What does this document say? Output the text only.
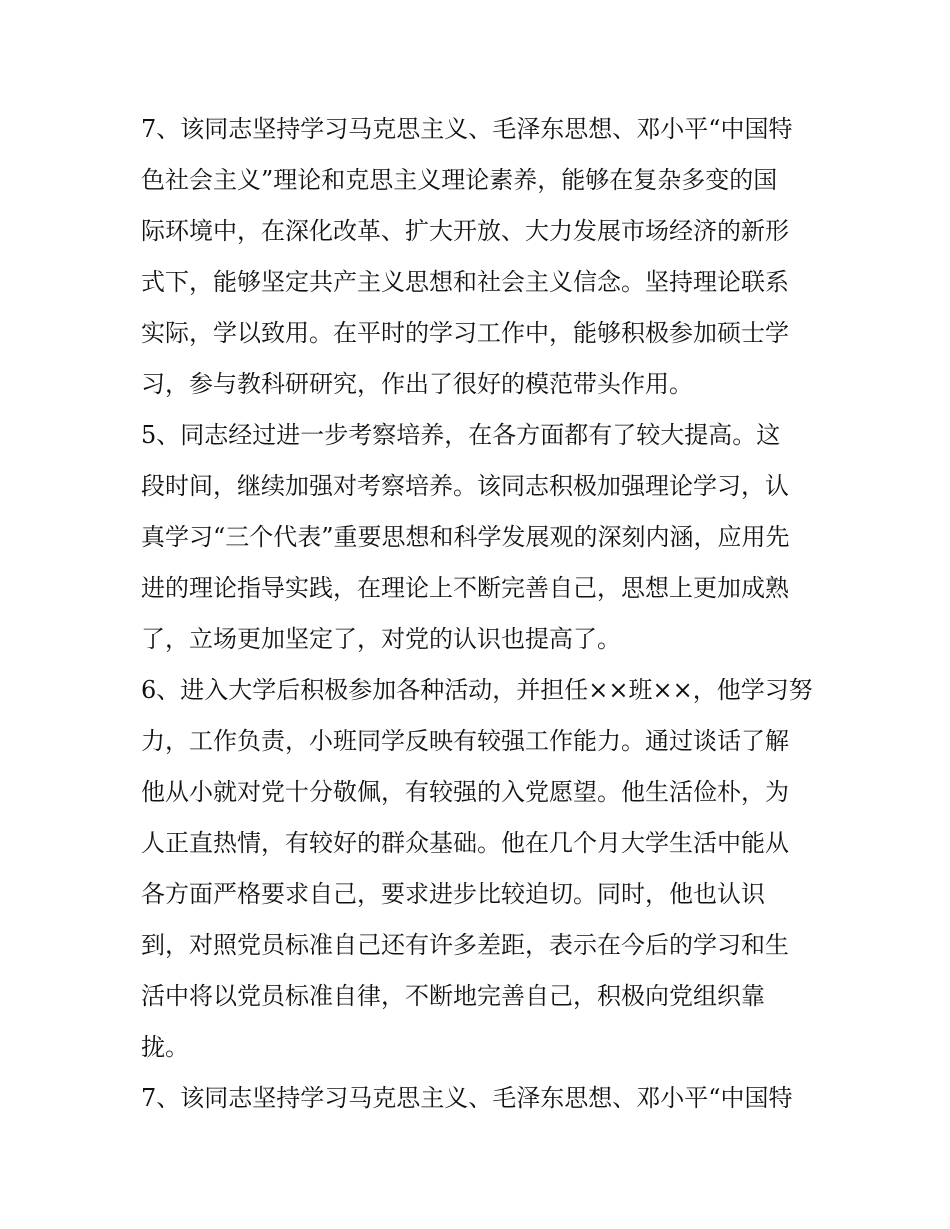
7、该同志坚持学习马克思主义、毛泽东思想、邓小平“中国特
色社会主义”理论和克思主义理论素养，能够在复杂多变的国
际环境中，在深化改革、扩大开放、大力发展市场经济的新形
式下，能够坚定共产主义思想和社会主义信念。坚持理论联系
实际，学以致用。在平时的学习工作中，能够积极参加硕士学
习，参与教科研研究，作出了很好的模范带头作用。
5、同志经过进一步考察培养，在各方面都有了较大提高。这
段时间，继续加强对考察培养。该同志积极加强理论学习，认
真学习“三个代表”重要思想和科学发展观的深刻内涵，应用先
进的理论指导实践，在理论上不断完善自己，思想上更加成熟
了，立场更加坚定了，对党的认识也提高了。
6、进入大学后积极参加各种活动，并担任××班××，他学习努
力，工作负责，小班同学反映有较强工作能力。通过谈话了解
他从小就对党十分敬佩，有较强的入党愿望。他生活俭朴，为
人正直热情，有较好的群众基础。他在几个月大学生活中能从
各方面严格要求自己，要求进步比较迫切。同时，他也认识
到，对照党员标准自己还有许多差距，表示在今后的学习和生
活中将以党员标准自律，不断地完善自己，积极向党组织靠
拢。
7、该同志坚持学习马克思主义、毛泽东思想、邓小平“中国特
